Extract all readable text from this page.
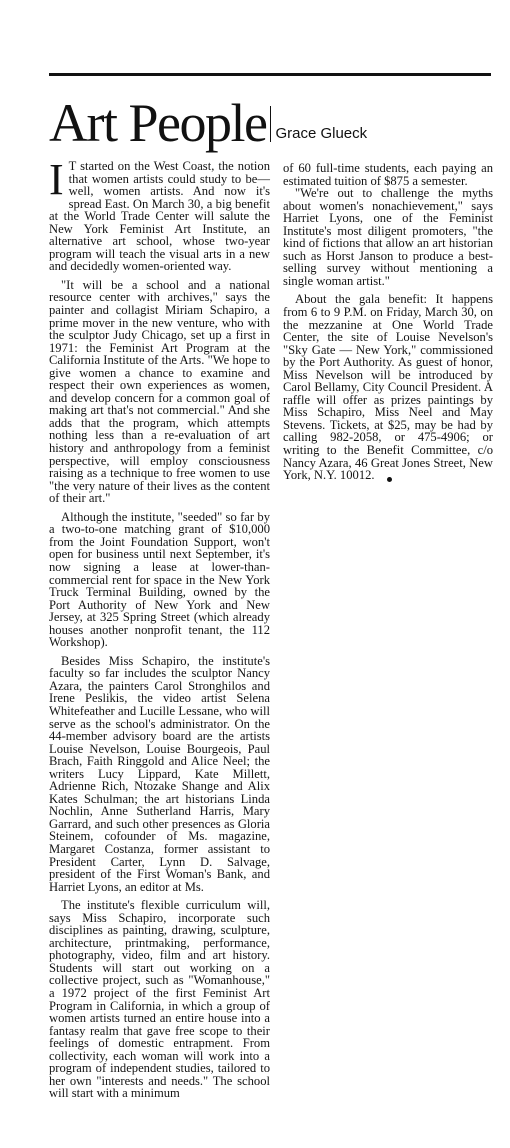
Art People Grace Glueck

I T started on the West Coast, the notion that women artists could study to be— well, women artists. And now it's spread East. On March 30, a big benefit at the World Trade Center will salute the New York Feminist Art Institute, an alternative art school, whose two-year program will teach the visual arts in a new and decidedly women-oriented way.

"It will be a school and a national resource center with archives," says the painter and collagist Miriam Schapiro, a prime mover in the new venture, who with the sculptor Judy Chicago, set up a first in 1971: the Feminist Art Program at the California Institute of the Arts. "We hope to give women a chance to examine and respect their own experiences as women, and develop concern for a common goal of making art that's not commercial." And she adds that the program, which attempts nothing less than a re-evaluation of art history and anthropology from a feminist perspective, will employ consciousness raising as a technique to free women to use "the very nature of their lives as the content of their art."

Although the institute, "seeded" so far by a two-to-one matching grant of $10,000 from the Joint Foundation Support, won't open for business until next September, it's now signing a lease at lower-than-commercial rent for space in the New York Truck Terminal Building, owned by the Port Authority of New York and New Jersey, at 325 Spring Street (which already houses another nonprofit tenant, the 112 Workshop).

Besides Miss Schapiro, the institute's faculty so far includes the sculptor Nancy Azara, the painters Carol Stronghilos and Irene Peslikis, the video artist Selena Whitefeather and Lucille Lessane, who will serve as the school's administrator. On the 44-member advisory board are the artists Louise Nevelson, Louise Bourgeois, Paul Brach, Faith Ringgold and Alice Neel; the writers Lucy Lippard, Kate Millett, Adrienne Rich, Ntozake Shange and Alix Kates Schulman; the art historians Linda Nochlin, Anne Sutherland Harris, Mary Garrard, and such other presences as Gloria Steinem, cofounder of Ms. magazine, Margaret Costanza, former assistant to President Carter, Lynn D. Salvage, president of the First Woman's Bank, and Harriet Lyons, an editor at Ms.

The institute's flexible curriculum will, says Miss Schapiro, incorporate such disciplines as painting, drawing, sculpture, architecture, printmaking, performance, photography, video, film and art history. Students will start out working on a collective project, such as "Womanhouse," a 1972 project of the first Feminist Art Program in California, in which a group of women artists turned an entire house into a fantasy realm that gave free scope to their feelings of domestic entrapment. From collectivity, each woman will work into a program of independent studies, tailored to her own "interests and needs." The school will start with a minimum

of 60 full-time students, each paying an estimated tuition of $875 a semester.

"We're out to challenge the myths about women's nonachievement," says Harriet Lyons, one of the Feminist Institute's most diligent promoters, "the kind of fictions that allow an art historian such as Horst Janson to produce a best-selling survey without mentioning a single woman artist."

About the gala benefit: It happens from 6 to 9 P.M. on Friday, March 30, on the mezzanine at One World Trade Center, the site of Louise Nevelson's "Sky Gate — New York," commissioned by the Port Authority. As guest of honor, Miss Nevelson will be introduced by Carol Bellamy, City Council President. A raffle will offer as prizes paintings by Miss Schapiro, Miss Neel and May Stevens. Tickets, at $25, may be had by calling 982-2058, or 475-4906; or writing to the Benefit Committee, c/o Nancy Azara, 46 Great Jones Street, New York, N.Y. 10012.
